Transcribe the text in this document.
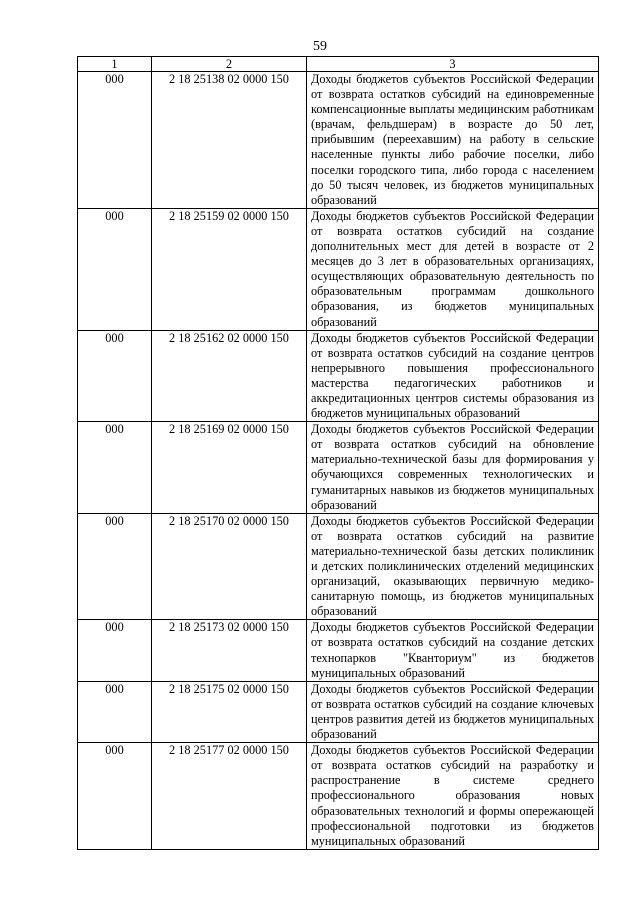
59
1	2	3
000	2 18 25138 02 0000 150	Доходы бюджетов субъектов Российской Федерации от возврата остатков субсидий на единовременные компенсационные выплаты медицинским работникам (врачам, фельдшерам) в возрасте до 50 лет, прибывшим (переехавшим) на работу в сельские населенные пункты либо рабочие поселки, либо поселки городского типа, либо города с населением до 50 тысяч человек, из бюджетов муниципальных образований
000	2 18 25159 02 0000 150	Доходы бюджетов субъектов Российской Федерации от возврата остатков субсидий на создание дополнительных мест для детей в возрасте от 2 месяцев до 3 лет в образовательных организациях, осуществляющих образовательную деятельность по образовательным программам дошкольного образования, из бюджетов муниципальных образований
000	2 18 25162 02 0000 150	Доходы бюджетов субъектов Российской Федерации от возврата остатков субсидий на создание центров непрерывного повышения профессионального мастерства педагогических работников и аккредитационных центров системы образования из бюджетов муниципальных образований
000	2 18 25169 02 0000 150	Доходы бюджетов субъектов Российской Федерации от возврата остатков субсидий на обновление материально-технической базы для формирования у обучающихся современных технологических и гуманитарных навыков из бюджетов муниципальных образований
000	2 18 25170 02 0000 150	Доходы бюджетов субъектов Российской Федерации от возврата остатков субсидий на развитие материально-технической базы детских поликлиник и детских поликлинических отделений медицинских организаций, оказывающих первичную медико-санитарную помощь, из бюджетов муниципальных образований
000	2 18 25173 02 0000 150	Доходы бюджетов субъектов Российской Федерации от возврата остатков субсидий на создание детских технопарков "Кванториум" из бюджетов муниципальных образований
000	2 18 25175 02 0000 150	Доходы бюджетов субъектов Российской Федерации от возврата остатков субсидий на создание ключевых центров развития детей из бюджетов муниципальных образований
000	2 18 25177 02 0000 150	Доходы бюджетов субъектов Российской Федерации от возврата остатков субсидий на разработку и распространение в системе среднего профессионального образования новых образовательных технологий и формы опережающей профессиональной подготовки из бюджетов муниципальных образований
